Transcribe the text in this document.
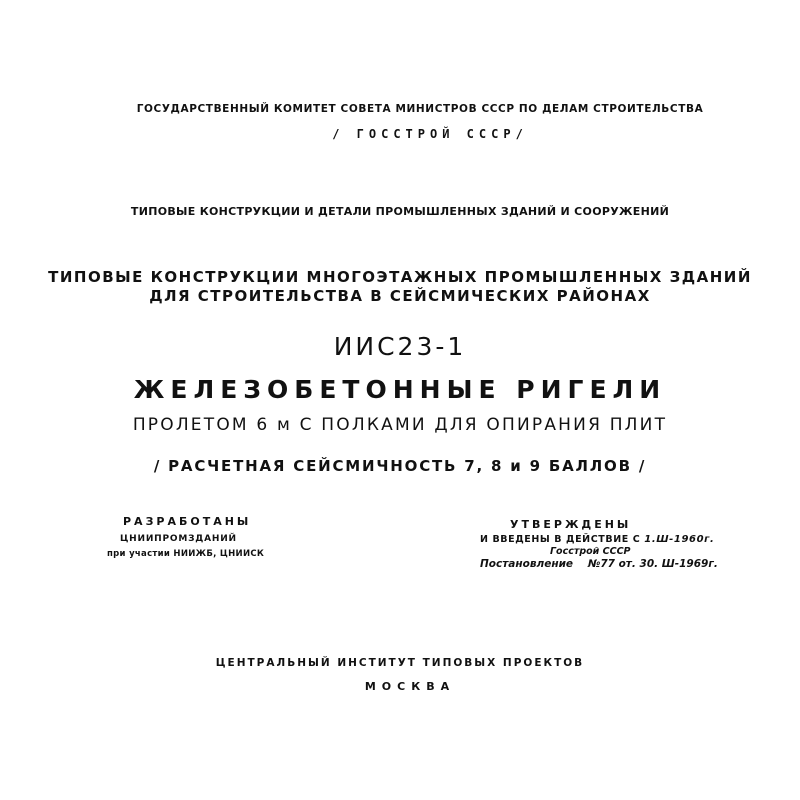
ГОСУДАРСТВЕННЫЙ КОМИТЕТ СОВЕТА МИНИСТРОВ СССР ПО ДЕЛАМ СТРОИТЕЛЬСТВА
/ ГОССТРОЙ СССР/
ТИПОВЫЕ КОНСТРУКЦИИ И ДЕТАЛИ ПРОМЫШЛЕННЫХ ЗДАНИЙ И СООРУЖЕНИЙ
ТИПОВЫЕ КОНСТРУКЦИИ МНОГОЭТАЖНЫХ ПРОМЫШЛЕННЫХ ЗДАНИЙ
ДЛЯ СТРОИТЕЛЬСТВА В СЕЙСМИЧЕСКИХ РАЙОНАХ
ИИС23-1
ЖЕЛЕЗОБЕТОННЫЕ РИГЕЛИ
ПРОЛЕТОМ 6 м С ПОЛКАМИ ДЛЯ ОПИРАНИЯ ПЛИТ
/ РАСЧЕТНАЯ СЕЙСМИЧНОСТЬ 7, 8 и 9 БАЛЛОВ /
РАЗРАБОТАНЫ
ЦНИИПРОМЗДАНИЙ
при участии НИИЖБ, ЦНИИСК
УТВЕРЖДЕНЫ
И ВВЕДЕНЫ В ДЕЙСТВИЕ С 1.Ш-1960г.
Госстрой СССР
Постановление №77 от. 30. Ш-1969г.
ЦЕНТРАЛЬНЫЙ ИНСТИТУТ ТИПОВЫХ ПРОЕКТОВ
МОСКВА
